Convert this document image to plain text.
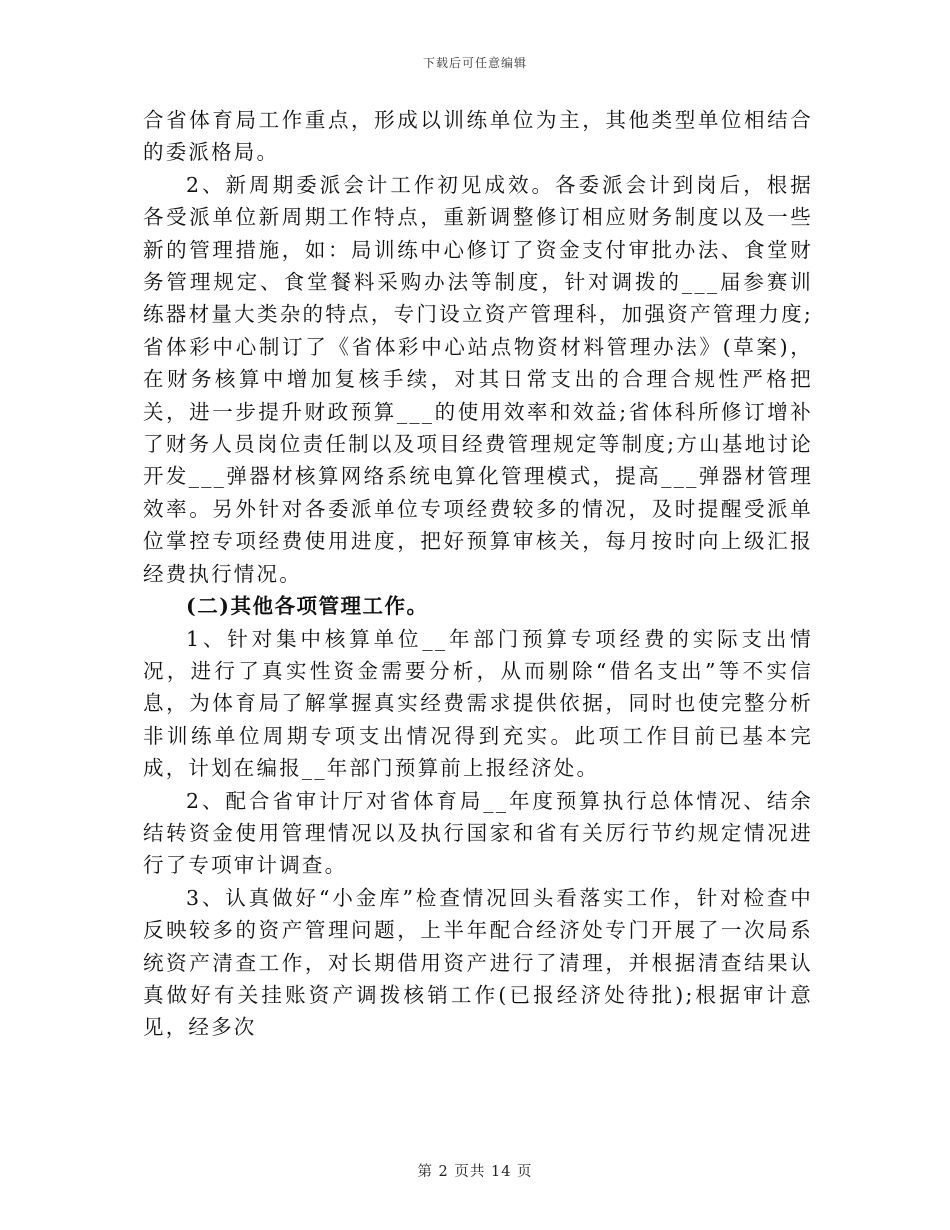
下载后可任意编辑

合省体育局工作重点，形成以训练单位为主，其他类型单位相结合的委派格局。

2、新周期委派会计工作初见成效。各委派会计到岗后，根据各受派单位新周期工作特点，重新调整修订相应财务制度以及一些新的管理措施，如：局训练中心修订了资金支付审批办法、食堂财务管理规定、食堂餐料采购办法等制度，针对调拨的___届参赛训练器材量大类杂的特点，专门设立资产管理科，加强资产管理力度;省体彩中心制订了《省体彩中心站点物资材料管理办法》(草案)，在财务核算中增加复核手续，对其日常支出的合理合规性严格把关，进一步提升财政预算___的使用效率和效益;省体科所修订增补了财务人员岗位责任制以及项目经费管理规定等制度;方山基地讨论开发___弹器材核算网络系统电算化管理模式，提高___弹器材管理效率。另外针对各委派单位专项经费较多的情况，及时提醒受派单位掌控专项经费使用进度，把好预算审核关，每月按时向上级汇报经费执行情况。

(二)其他各项管理工作。

1、针对集中核算单位__年部门预算专项经费的实际支出情况，进行了真实性资金需要分析，从而剔除“借名支出”等不实信息，为体育局了解掌握真实经费需求提供依据，同时也使完整分析非训练单位周期专项支出情况得到充实。此项工作目前已基本完成，计划在编报__年部门预算前上报经济处。

2、配合省审计厅对省体育局__年度预算执行总体情况、结余结转资金使用管理情况以及执行国家和省有关厉行节约规定情况进行了专项审计调查。

3、认真做好“小金库”检查情况回头看落实工作，针对检查中反映较多的资产管理问题，上半年配合经济处专门开展了一次局系统资产清查工作，对长期借用资产进行了清理，并根据清查结果认真做好有关挂账资产调拨核销工作(已报经济处待批);根据审计意见，经多次

第 2 页共 14 页
